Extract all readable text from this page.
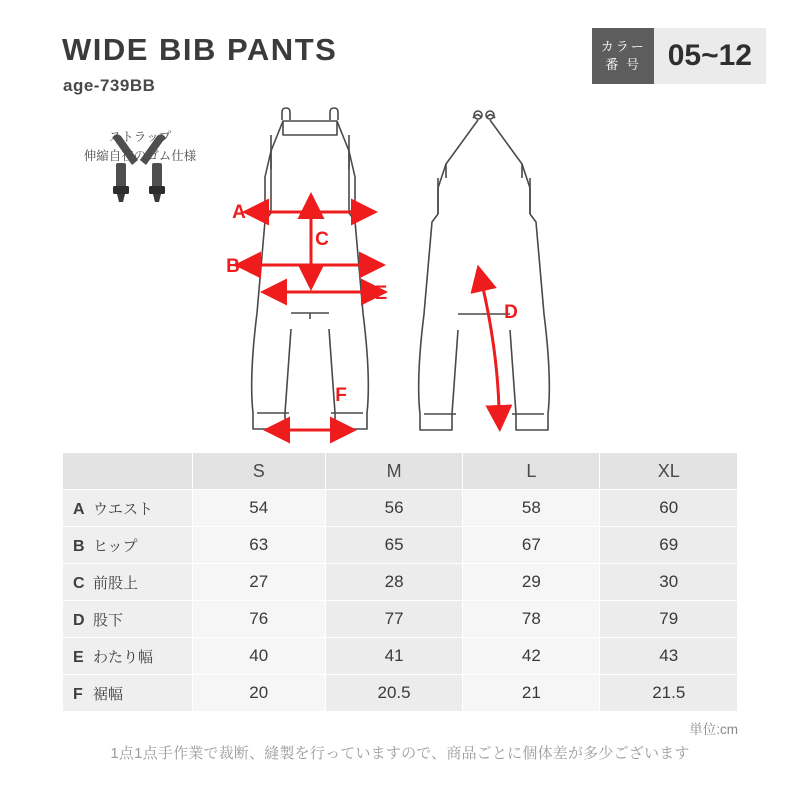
WIDE BIB PANTS
age-739BB
カラー
番 号 05~12
A
B
C
D
E
F
ストラップ
伸縮自在のゴム仕様
	S	M	L	XL
A ウエスト	54	56	58	60
B ヒップ	63	65	67	69
C 前股上	27	28	29	30
D 股下	76	77	78	79
E わたり幅	40	41	42	43
F 裾幅	20	20.5	21	21.5
単位:cm
1点1点手作業で裁断、縫製を行っていますので、商品ごとに個体差が多少ございます
